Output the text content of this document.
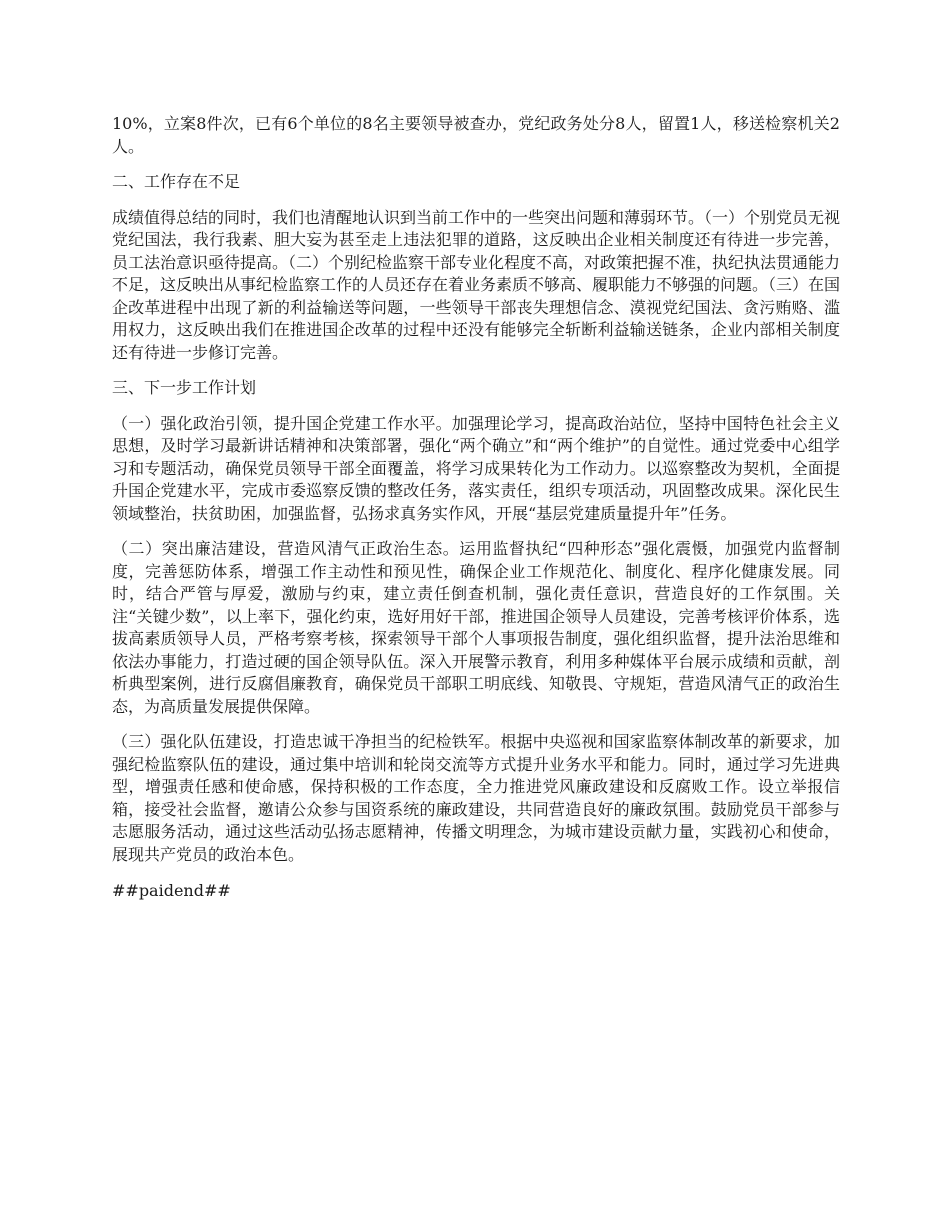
10%，立案8件次，已有6个单位的8名主要领导被查办，党纪政务处分8人，留置1人，移送检察机关2人。

二、工作存在不足

成绩值得总结的同时，我们也清醒地认识到当前工作中的一些突出问题和薄弱环节。（一）个别党员无视党纪国法，我行我素、胆大妄为甚至走上违法犯罪的道路，这反映出企业相关制度还有待进一步完善，员工法治意识亟待提高。（二）个别纪检监察干部专业化程度不高，对政策把握不准，执纪执法贯通能力不足，这反映出从事纪检监察工作的人员还存在着业务素质不够高、履职能力不够强的问题。（三）在国企改革进程中出现了新的利益输送等问题，一些领导干部丧失理想信念、漠视党纪国法、贪污贿赂、滥用权力，这反映出我们在推进国企改革的过程中还没有能够完全斩断利益输送链条，企业内部相关制度还有待进一步修订完善。

三、下一步工作计划

（一）强化政治引领，提升国企党建工作水平。加强理论学习，提高政治站位，坚持中国特色社会主义思想，及时学习最新讲话精神和决策部署，强化“两个确立”和“两个维护”的自觉性。通过党委中心组学习和专题活动，确保党员领导干部全面覆盖，将学习成果转化为工作动力。以巡察整改为契机，全面提升国企党建水平，完成市委巡察反馈的整改任务，落实责任，组织专项活动，巩固整改成果。深化民生领域整治，扶贫助困，加强监督，弘扬求真务实作风，开展“基层党建质量提升年”任务。

（二）突出廉洁建设，营造风清气正政治生态。运用监督执纪“四种形态”强化震慑，加强党内监督制度，完善惩防体系，增强工作主动性和预见性，确保企业工作规范化、制度化、程序化健康发展。同时，结合严管与厚爱，激励与约束，建立责任倒查机制，强化责任意识，营造良好的工作氛围。关注“关键少数”，以上率下，强化约束，选好用好干部，推进国企领导人员建设，完善考核评价体系，选拔高素质领导人员，严格考察考核，探索领导干部个人事项报告制度，强化组织监督，提升法治思维和依法办事能力，打造过硬的国企领导队伍。深入开展警示教育，利用多种媒体平台展示成绩和贡献，剖析典型案例，进行反腐倡廉教育，确保党员干部职工明底线、知敬畏、守规矩，营造风清气正的政治生态，为高质量发展提供保障。

（三）强化队伍建设，打造忠诚干净担当的纪检铁军。根据中央巡视和国家监察体制改革的新要求，加强纪检监察队伍的建设，通过集中培训和轮岗交流等方式提升业务水平和能力。同时，通过学习先进典型，增强责任感和使命感，保持积极的工作态度，全力推进党风廉政建设和反腐败工作。设立举报信箱，接受社会监督，邀请公众参与国资系统的廉政建设，共同营造良好的廉政氛围。鼓励党员干部参与志愿服务活动，通过这些活动弘扬志愿精神，传播文明理念，为城市建设贡献力量，实践初心和使命，展现共产党员的政治本色。

##paidend##
